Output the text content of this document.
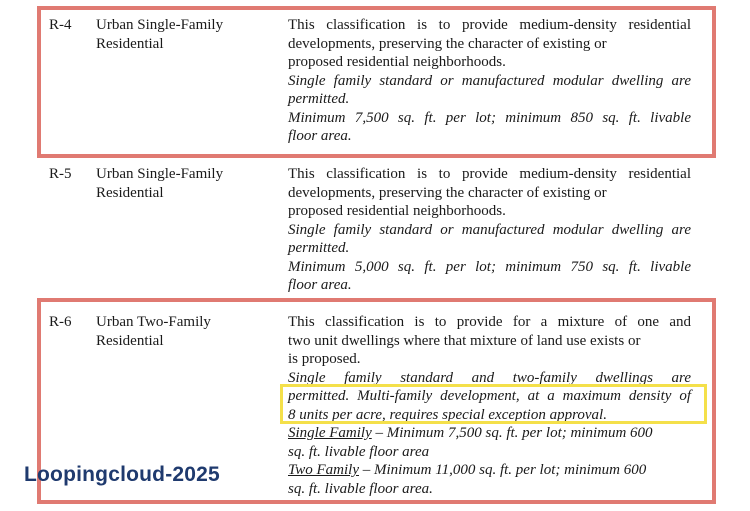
R-4 Urban Single-Family
Residential
This classification is to provide medium-density residential
developments, preserving the character of existing or
proposed residential neighborhoods.
Single family standard or manufactured modular dwelling are
permitted.
Minimum 7,500 sq. ft. per lot; minimum 850 sq. ft. livable
floor area.
R-5 Urban Single-Family
Residential
This classification is to provide medium-density residential
developments, preserving the character of existing or
proposed residential neighborhoods.
Single family standard or manufactured modular dwelling are
permitted.
Minimum 5,000 sq. ft. per lot; minimum 750 sq. ft. livable
floor area.
R-6 Urban Two-Family
Residential
This classification is to provide for a mixture of one and
two unit dwellings where that mixture of land use exists or
is proposed.
Single family standard and two-family dwellings are
permitted. Multi-family development, at a maximum density of
8 units per acre, requires special exception approval.
Single Family – Minimum 7,500 sq. ft. per lot; minimum 600
sq. ft. livable floor area
Two Family – Minimum 11,000 sq. ft. per lot; minimum 600
sq. ft. livable floor area.
Loopingcloud-2025
